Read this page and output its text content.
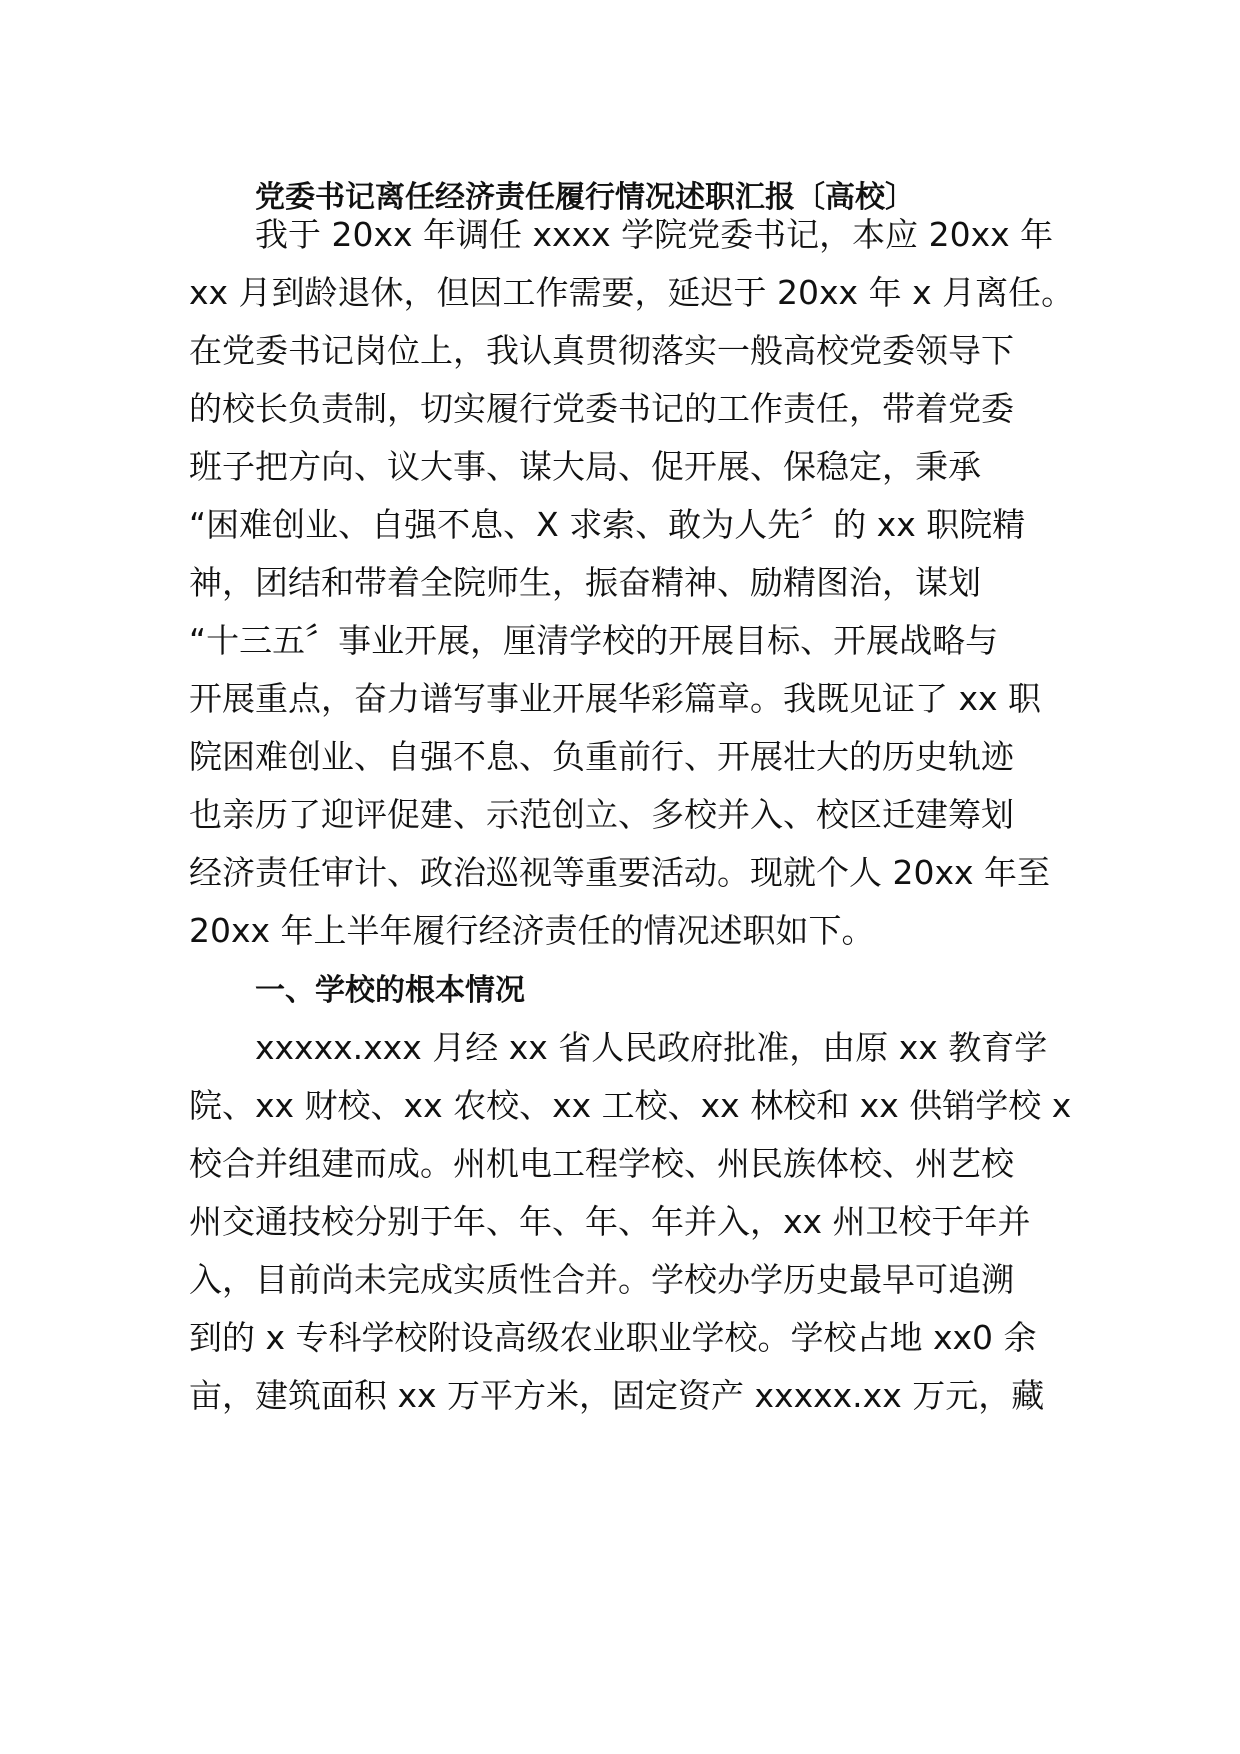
党委书记离任经济责任履行情况述职汇报〔高校〕
我于 20xx 年调任 xxxx 学院党委书记，本应 20xx 年
xx 月到龄退休，但因工作需要，延迟于 20xx 年 x 月离任。
在党委书记岗位上，我认真贯彻落实一般高校党委领导下
的校长负责制，切实履行党委书记的工作责任，带着党委
班子把方向、议大事、谋大局、促开展、保稳定，秉承
“困难创业、自强不息、X 求索、敢为人先〞的 xx 职院精
神，团结和带着全院师生，振奋精神、励精图治，谋划
“十三五〞事业开展，厘清学校的开展目标、开展战略与
开展重点，奋力谱写事业开展华彩篇章。我既见证了 xx 职
院困难创业、自强不息、负重前行、开展壮大的历史轨迹
也亲历了迎评促建、示范创立、多校并入、校区迁建筹划
经济责任审计、政治巡视等重要活动。现就个人 20xx 年至
20xx 年上半年履行经济责任的情况述职如下。
一、学校的根本情况
xxxxx.xxx 月经 xx 省人民政府批准，由原 xx 教育学
院、xx 财校、xx 农校、xx 工校、xx 林校和 xx 供销学校 x
校合并组建而成。州机电工程学校、州民族体校、州艺校
州交通技校分别于年、年、年、年并入，xx 州卫校于年并
入，目前尚未完成实质性合并。学校办学历史最早可追溯
到的 x 专科学校附设高级农业职业学校。学校占地 xx0 余
亩，建筑面积 xx 万平方米，固定资产 xxxxx.xx 万元，藏
